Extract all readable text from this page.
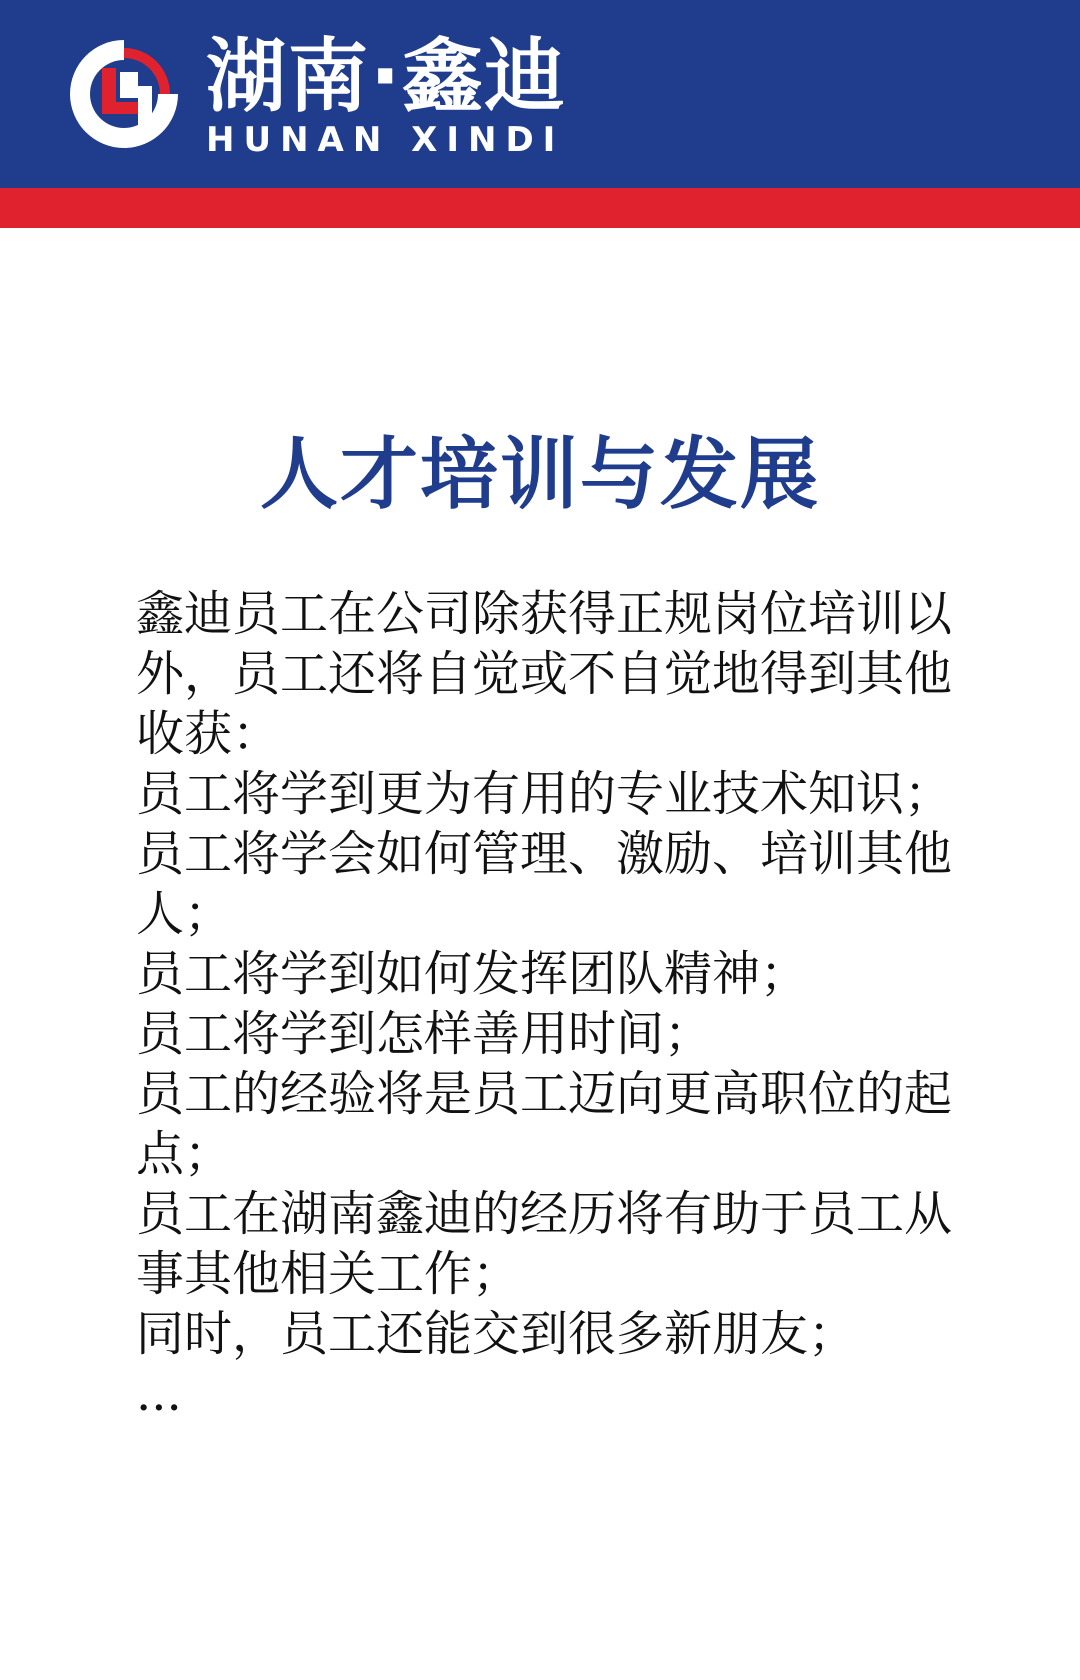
湖南·鑫迪
HUNAN XINDI
人才培训与发展
鑫迪员工在公司除获得正规岗位培训以外，员工还将自觉或不自觉地得到其他收获：
员工将学到更为有用的专业技术知识；
员工将学会如何管理、激励、培训其他人；
员工将学到如何发挥团队精神；
员工将学到怎样善用时间；
员工的经验将是员工迈向更高职位的起点；
员工在湖南鑫迪的经历将有助于员工从事其他相关工作；
同时，员工还能交到很多新朋友；
...
